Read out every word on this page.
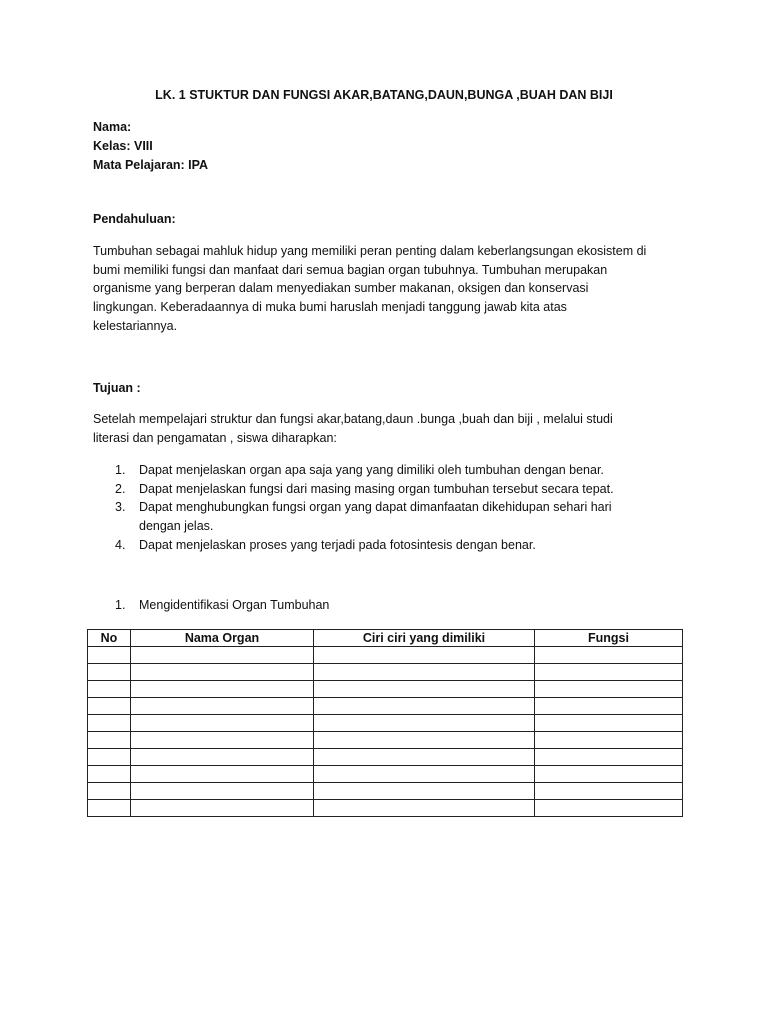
LK. 1 STUKTUR DAN FUNGSI AKAR,BATANG,DAUN,BUNGA ,BUAH DAN BIJI
Nama:
Kelas: VIII
Mata Pelajaran: IPA
Pendahuluan:
Tumbuhan sebagai mahluk hidup yang memiliki peran penting dalam keberlangsungan ekosistem di
bumi memiliki fungsi dan manfaat dari semua bagian organ tubuhnya. Tumbuhan merupakan
organisme yang berperan dalam menyediakan sumber makanan, oksigen dan konservasi
lingkungan. Keberadaannya di muka bumi haruslah menjadi tanggung jawab kita atas
kelestariannya.
Tujuan :
Setelah mempelajari struktur dan fungsi akar,batang,daun .bunga ,buah dan biji , melalui studi
literasi dan pengamatan , siswa diharapkan:
1. Dapat menjelaskan organ apa saja yang yang dimiliki oleh tumbuhan dengan benar.
2. Dapat menjelaskan fungsi dari masing masing organ tumbuhan tersebut secara tepat.
3. Dapat menghubungkan fungsi organ yang dapat dimanfaatan dikehidupan sehari hari
dengan jelas.
4. Dapat menjelaskan proses yang terjadi pada fotosintesis dengan benar.
1. Mengidentifikasi Organ Tumbuhan
No	Nama Organ	Ciri ciri yang dimiliki	Fungsi
